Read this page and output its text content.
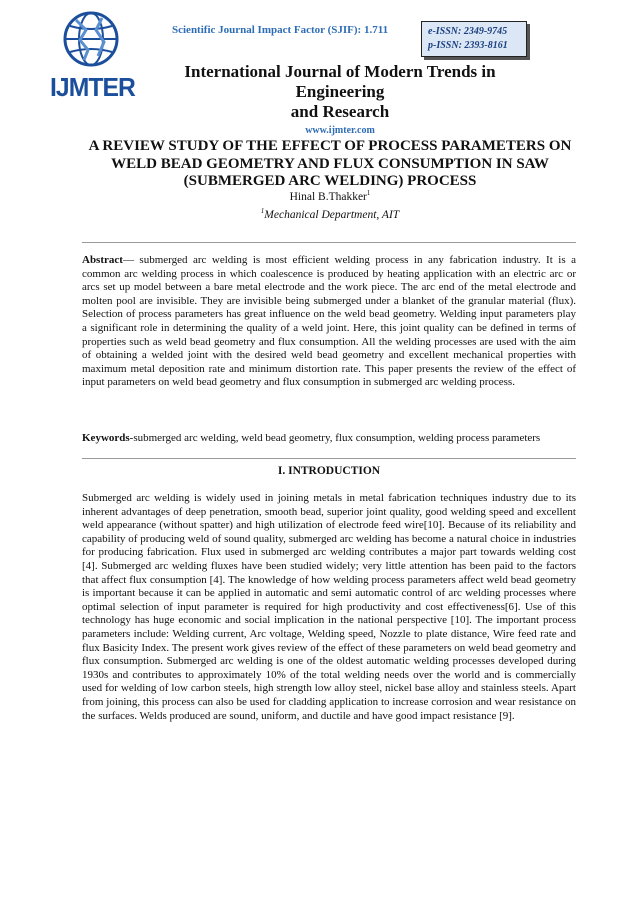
IJMTER
Scientific Journal Impact Factor (SJIF): 1.711	e-ISSN: 2349-9745
p-ISSN: 2393-8161
International Journal of Modern Trends in Engineering
and Research
www.ijmter.com
A REVIEW STUDY OF THE EFFECT OF PROCESS PARAMETERS ON WELD BEAD GEOMETRY AND FLUX CONSUMPTION IN SAW (SUBMERGED ARC WELDING) PROCESS
Hinal B.Thakker$^1$
$^1$Mechanical Department, AIT
Abstract— submerged arc welding is most efficient welding process in any fabrication industry. It is a common arc welding process in which coalescence is produced by heating application with an electric arc or arcs set up model between a bare metal electrode and the work piece. The arc end of the metal electrode and molten pool are invisible. They are invisible being submerged under a blanket of the granular material (flux). Selection of process parameters has great influence on the weld bead geometry. Welding input parameters play a significant role in determining the quality of a weld joint. Here, this joint quality can be defined in terms of properties such as weld bead geometry and flux consumption. All the welding processes are used with the aim of obtaining a welded joint with the desired weld bead geometry and excellent mechanical properties with maximum metal deposition rate and minimum distortion rate. This paper presents the review of the effect of input parameters on weld bead geometry and flux consumption in submerged arc welding process.
Keywords-submerged arc welding, weld bead geometry, flux consumption, welding process parameters
I. INTRODUCTION
Submerged arc welding is widely used in joining metals in metal fabrication techniques industry due to its inherent advantages of deep penetration, smooth bead, superior joint quality, good welding speed and excellent weld appearance (without spatter) and high utilization of electrode feed wire[10]. Because of its reliability and capability of producing weld of sound quality, submerged arc welding has become a natural choice in industries for producing fabrication. Flux used in submerged arc welding contributes a major part towards welding cost [4]. Submerged arc welding fluxes have been studied widely; very little attention has been paid to the factors that affect flux consumption [4]. The knowledge of how welding process parameters affect weld bead geometry is important because it can be applied in automatic and semi automatic control of arc welding processes where optimal selection of input parameter is required for high productivity and cost effectiveness[6]. Use of this technology has huge economic and social implication in the national perspective [10]. The important process parameters include: Welding current, Arc voltage, Welding speed, Nozzle to plate distance, Wire feed rate and flux Basicity Index. The present work gives review of the effect of these parameters on weld bead geometry and flux consumption. Submerged arc welding is one of the oldest automatic welding processes developed during 1930s and contributes to approximately 10% of the total welding needs over the world and is commercially used for welding of low carbon steels, high strength low alloy steel, nickel base alloy and stainless steels. Apart from joining, this process can also be used for cladding application to increase corrosion and wear resistance on the surfaces. Welds produced are sound, uniform, and ductile and have good impact resistance [9].
